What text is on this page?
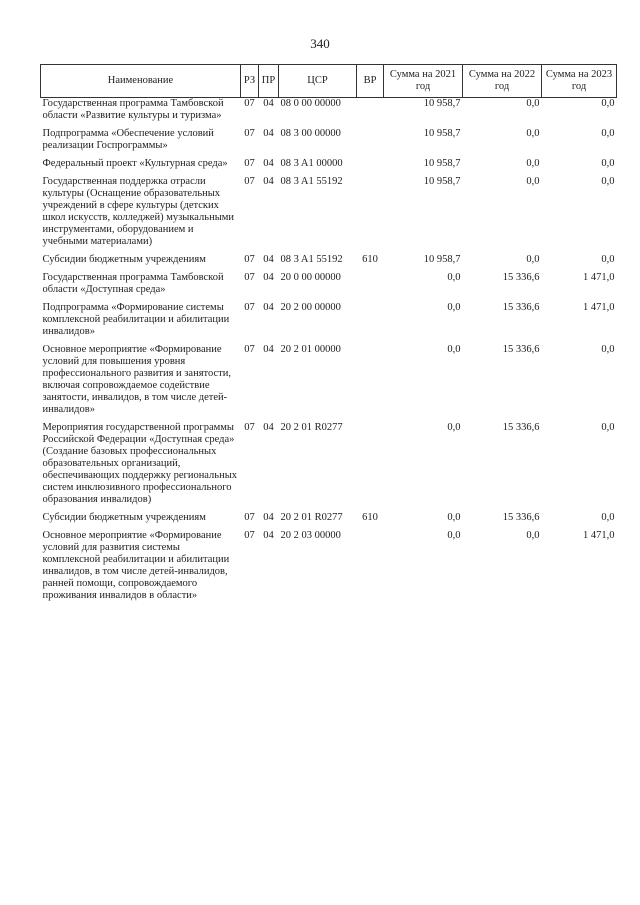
340
Наименование	РЗ	ПР	ЦСР	ВР	Сумма на 2021 год	Сумма на 2022 год	Сумма на 2023 год
Государственная программа Тамбовской области «Развитие культуры и туризма»	07	04	08 0 00 00000		10 958,7	0,0	0,0
Подпрограмма «Обеспечение условий реализации Госпрограммы»	07	04	08 3 00 00000		10 958,7	0,0	0,0
Федеральный проект «Культурная среда»	07	04	08 3 A1 00000		10 958,7	0,0	0,0
Государственная поддержка отрасли культуры (Оснащение образовательных учреждений в сфере культуры (детских школ искусств, колледжей) музыкальными инструментами, оборудованием и учебными материалами)	07	04	08 3 A1 55192		10 958,7	0,0	0,0
Субсидии бюджетным учреждениям	07	04	08 3 A1 55192	610	10 958,7	0,0	0,0
Государственная программа Тамбовской области «Доступная среда»	07	04	20 0 00 00000		0,0	15 336,6	1 471,0
Подпрограмма «Формирование системы комплексной реабилитации и абилитации инвалидов»	07	04	20 2 00 00000		0,0	15 336,6	1 471,0
Основное мероприятие «Формирование условий для повышения уровня профессионального развития и занятости, включая сопровождаемое содействие занятости, инвалидов, в том числе детей-инвалидов»	07	04	20 2 01 00000		0,0	15 336,6	0,0
Мероприятия государственной программы Российской Федерации «Доступная среда» (Создание базовых профессиональных образовательных организаций, обеспечивающих поддержку региональных систем инклюзивного профессионального образования инвалидов)	07	04	20 2 01 R0277		0,0	15 336,6	0,0
Субсидии бюджетным учреждениям	07	04	20 2 01 R0277	610	0,0	15 336,6	0,0
Основное мероприятие «Формирование условий для развития системы комплексной реабилитации и абилитации инвалидов, в том числе детей-инвалидов, ранней помощи, сопровождаемого проживания инвалидов в области»	07	04	20 2 03 00000		0,0	0,0	1 471,0
